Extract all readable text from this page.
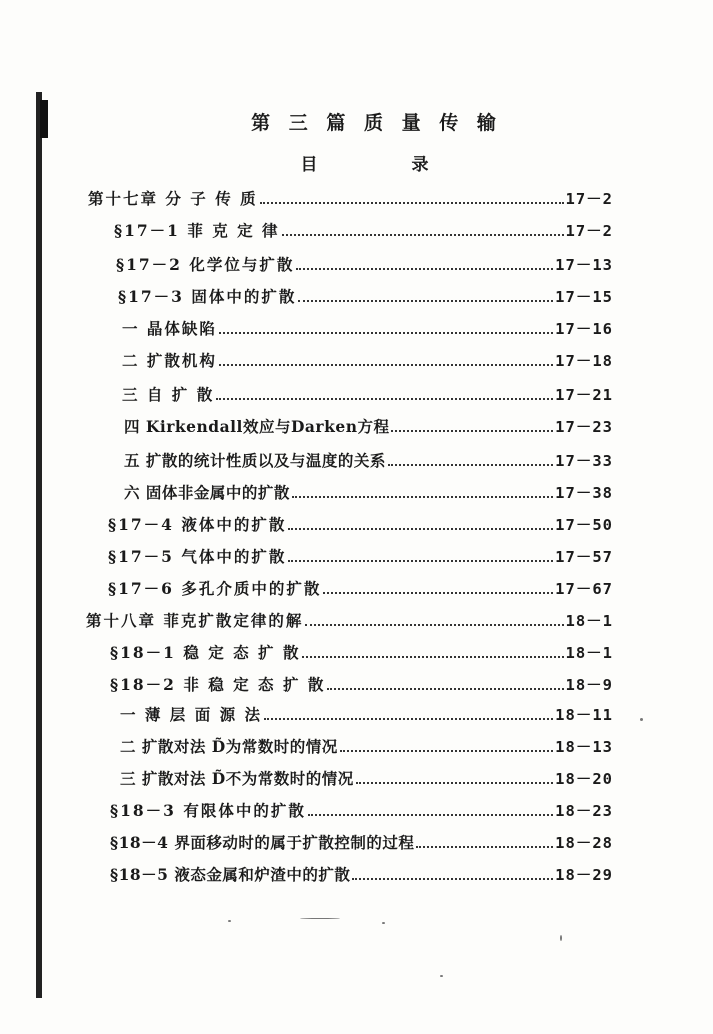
第 三 篇 质 量 传 输
目 录
第十七章 分 子 传 质	17－2
§17－1 菲 克 定 律	17－2
§17－2 化学位与扩散	17－13
§17－3 固体中的扩散	17－15
一 晶体缺陷	17－16
二 扩散机构	17－18
三 自 扩 散	17－21
四 Kirkendall效应与Darken方程	17－23
五 扩散的统计性质以及与温度的关系	17－33
六 固体非金属中的扩散	17－38
§17－4 液体中的扩散	17－50
§17－5 气体中的扩散	17－57
§17－6 多孔介质中的扩散	17－67
第十八章 菲克扩散定律的解	18－1
§18－1 稳 定 态 扩 散	18－1
§18－2 非 稳 定 态 扩 散	18－9
一 薄 层 面 源 法	18－11
二 扩散对法 D̃为常数时的情况	18－13
三 扩散对法 D̃不为常数时的情况	18－20
§18－3 有限体中的扩散	18－23
§18－4 界面移动时的属于扩散控制的过程	18－28
§18－5 液态金属和炉渣中的扩散	18－29
